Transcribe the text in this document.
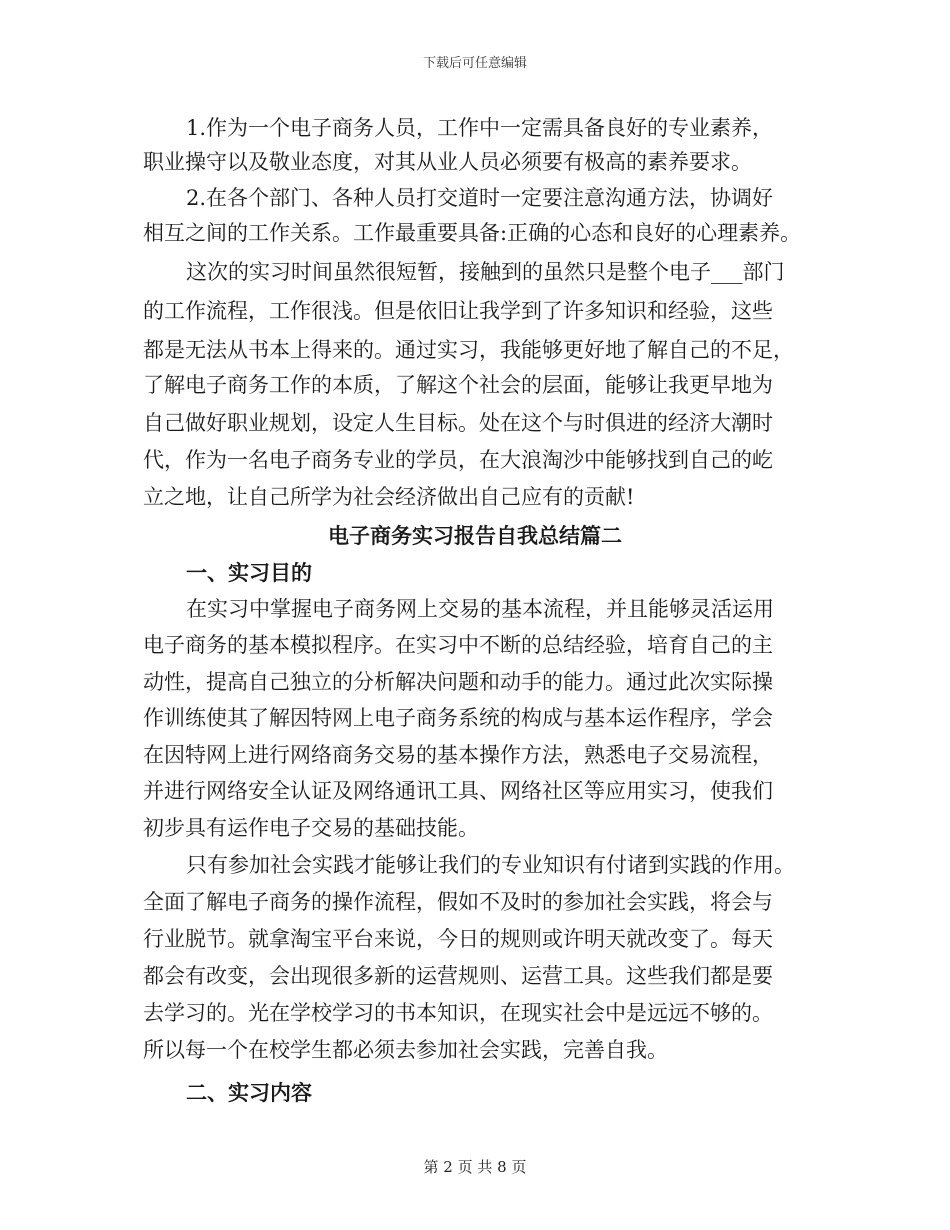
下载后可任意编辑
1.作为一个电子商务人员，工作中一定需具备良好的专业素养，
职业操守以及敬业态度，对其从业人员必须要有极高的素养要求。
2.在各个部门、各种人员打交道时一定要注意沟通方法，协调好
相互之间的工作关系。工作最重要具备:正确的心态和良好的心理素养。
这次的实习时间虽然很短暂，接触到的虽然只是整个电子___部门
的工作流程，工作很浅。但是依旧让我学到了许多知识和经验，这些
都是无法从书本上得来的。通过实习，我能够更好地了解自己的不足，
了解电子商务工作的本质，了解这个社会的层面，能够让我更早地为
自己做好职业规划，设定人生目标。处在这个与时俱进的经济大潮时
代，作为一名电子商务专业的学员，在大浪淘沙中能够找到自己的屹
立之地，让自己所学为社会经济做出自己应有的贡献!
电子商务实习报告自我总结篇二
一、实习目的
在实习中掌握电子商务网上交易的基本流程，并且能够灵活运用
电子商务的基本模拟程序。在实习中不断的总结经验，培育自己的主
动性，提高自己独立的分析解决问题和动手的能力。通过此次实际操
作训练使其了解因特网上电子商务系统的构成与基本运作程序，学会
在因特网上进行网络商务交易的基本操作方法，熟悉电子交易流程，
并进行网络安全认证及网络通讯工具、网络社区等应用实习，使我们
初步具有运作电子交易的基础技能。
只有参加社会实践才能够让我们的专业知识有付诸到实践的作用。
全面了解电子商务的操作流程，假如不及时的参加社会实践，将会与
行业脱节。就拿淘宝平台来说，今日的规则或许明天就改变了。每天
都会有改变，会出现很多新的运营规则、运营工具。这些我们都是要
去学习的。光在学校学习的书本知识，在现实社会中是远远不够的。
所以每一个在校学生都必须去参加社会实践，完善自我。
二、实习内容
第 2 页 共 8 页
